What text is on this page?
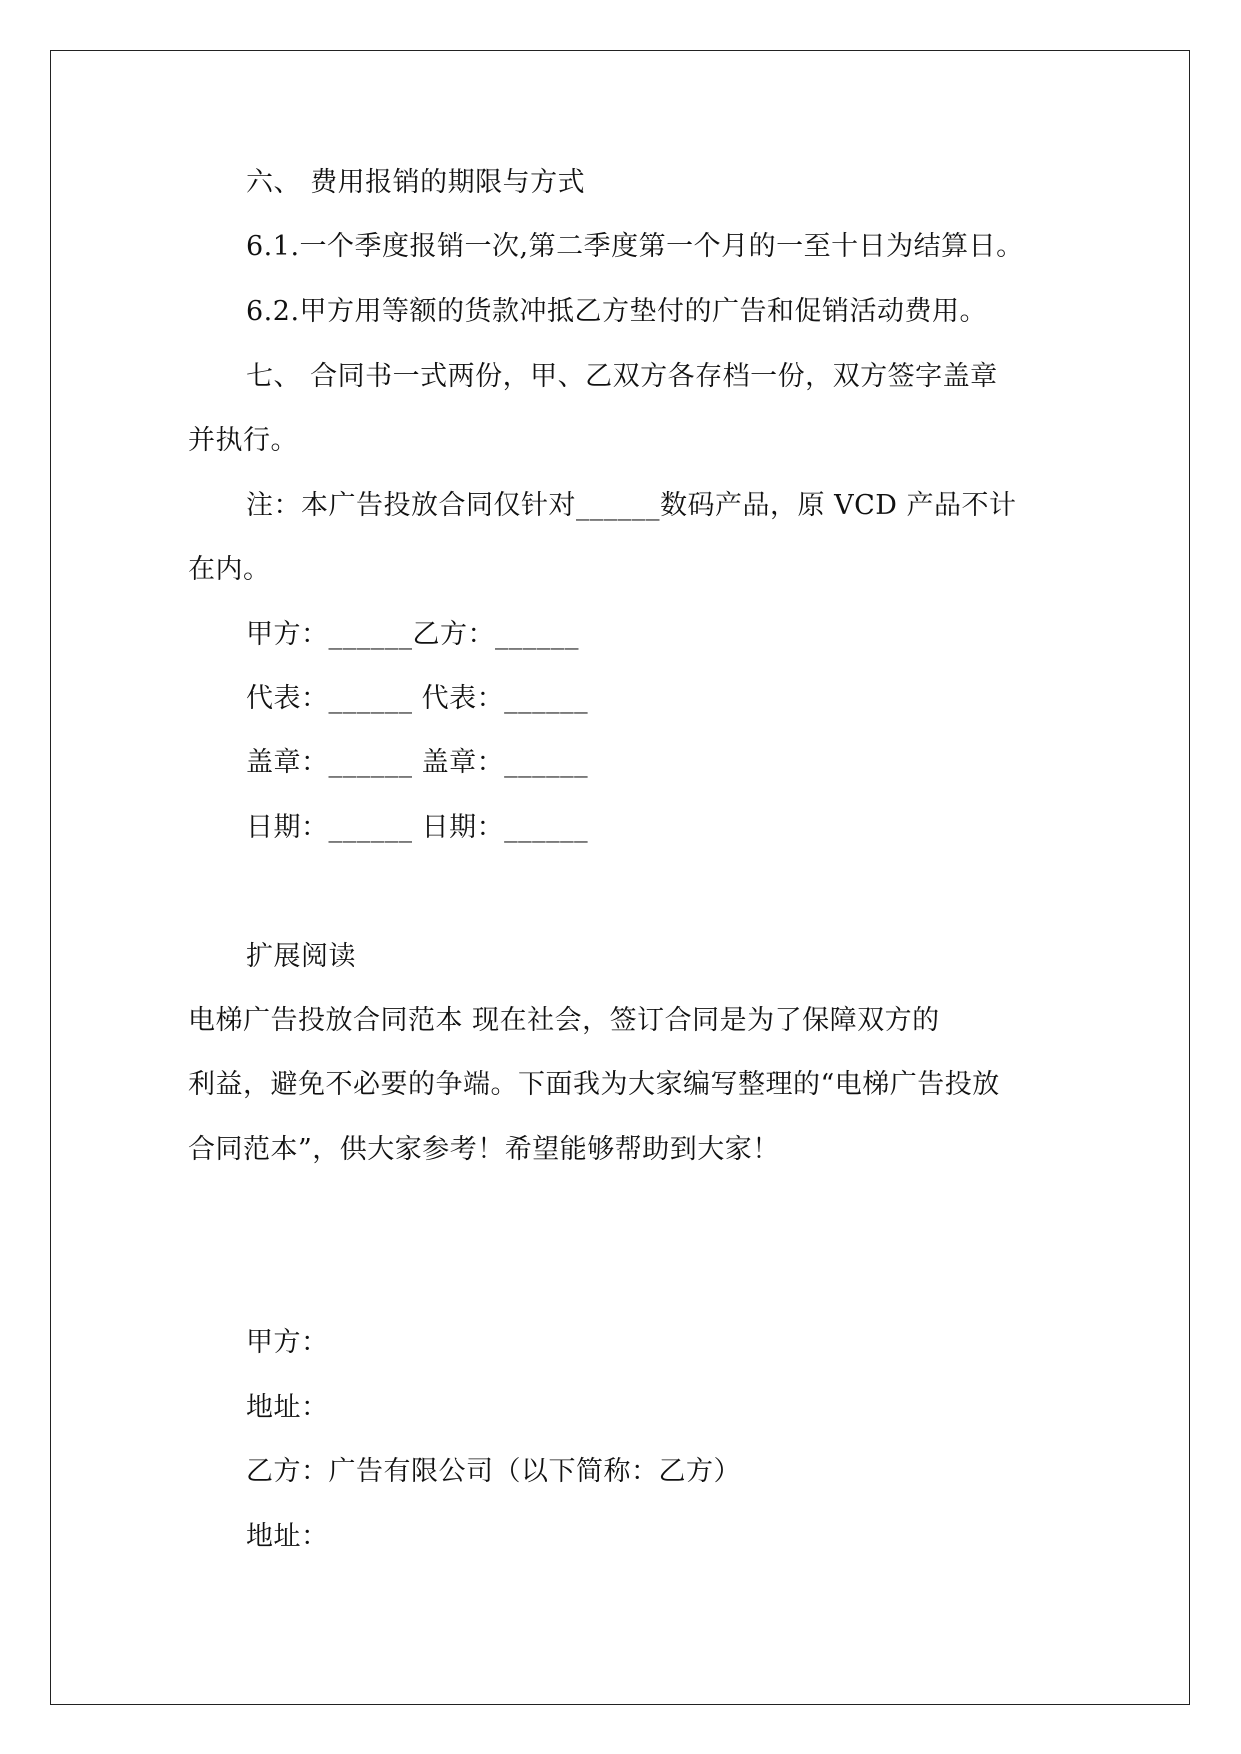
六、 费用报销的期限与方式
6.1.一个季度报销一次,第二季度第一个月的一至十日为结算日。
6.2.甲方用等额的货款冲抵乙方垫付的广告和促销活动费用。
七、 合同书一式两份，甲、乙双方各存档一份，双方签字盖章
并执行。
注：本广告投放合同仅针对______数码产品，原 VCD 产品不计
在内。
甲方：______乙方：______
代表：______ 代表：______
盖章：______ 盖章：______
日期：______ 日期：______
扩展阅读
电梯广告投放合同范本 现在社会，签订合同是为了保障双方的
利益，避免不必要的争端。下面我为大家编写整理的“电梯广告投放
合同范本”，供大家参考！希望能够帮助到大家！
甲方：
地址：
乙方：广告有限公司（以下简称：乙方）
地址：
